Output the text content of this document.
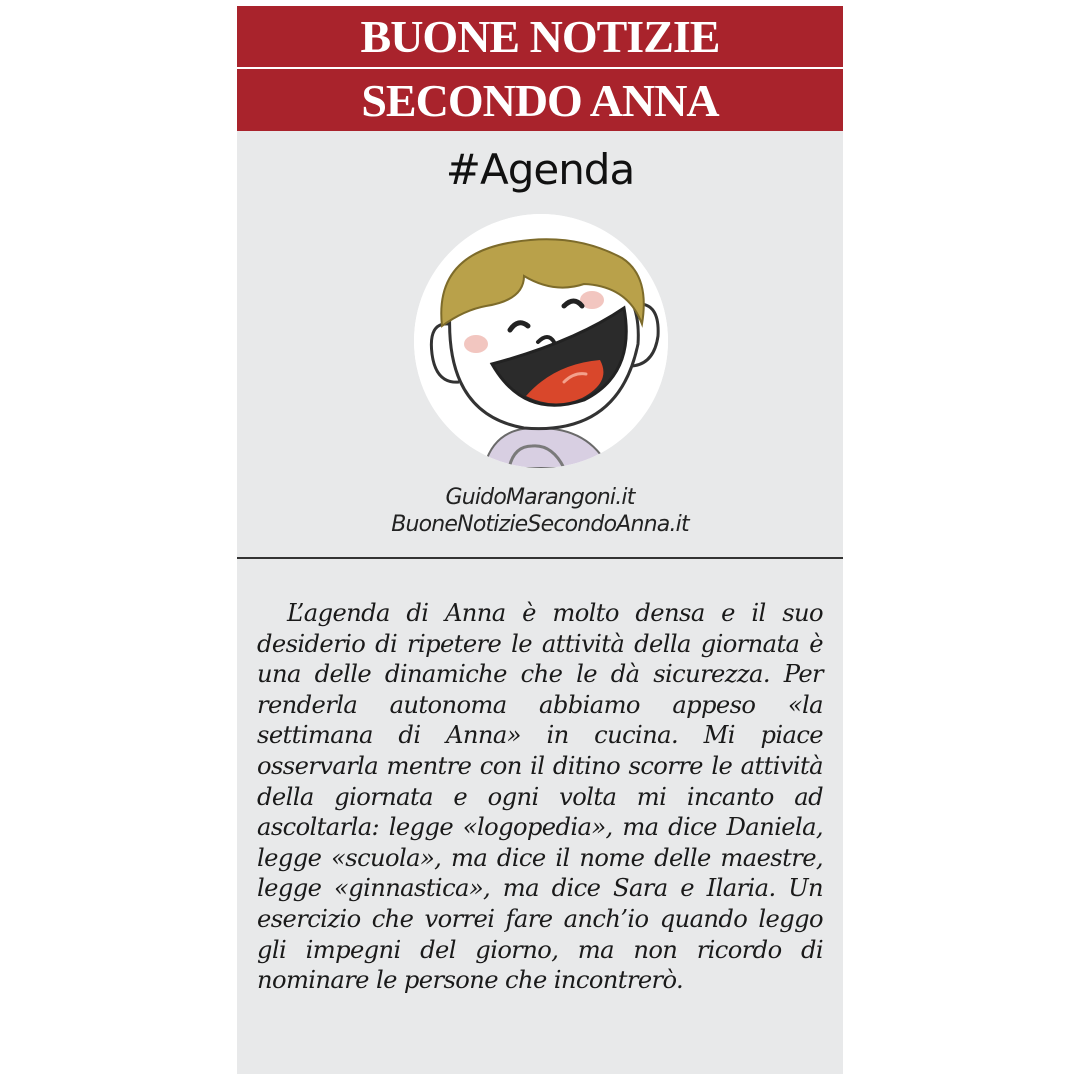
BUONE NOTIZIE
SECONDO ANNA
#Agenda
GuidoMarangoni.it
BuoneNotizieSecondoAnna.it

L’agenda di Anna è molto densa e il suo desiderio di ripetere le attività della giornata è una delle dinamiche che le dà sicurezza. Per renderla autonoma abbiamo appeso «la settimana di Anna» in cucina. Mi piace osservarla mentre con il ditino scorre le attività della giornata e ogni volta mi incanto ad ascoltarla: legge «logopedia», ma dice Daniela, legge «scuola», ma dice il nome delle maestre, legge «ginnastica», ma dice Sara e Ilaria. Un esercizio che vorrei fare anch’io quando leggo gli impegni del giorno, ma non ricordo di nominare le persone che incontrerò.
